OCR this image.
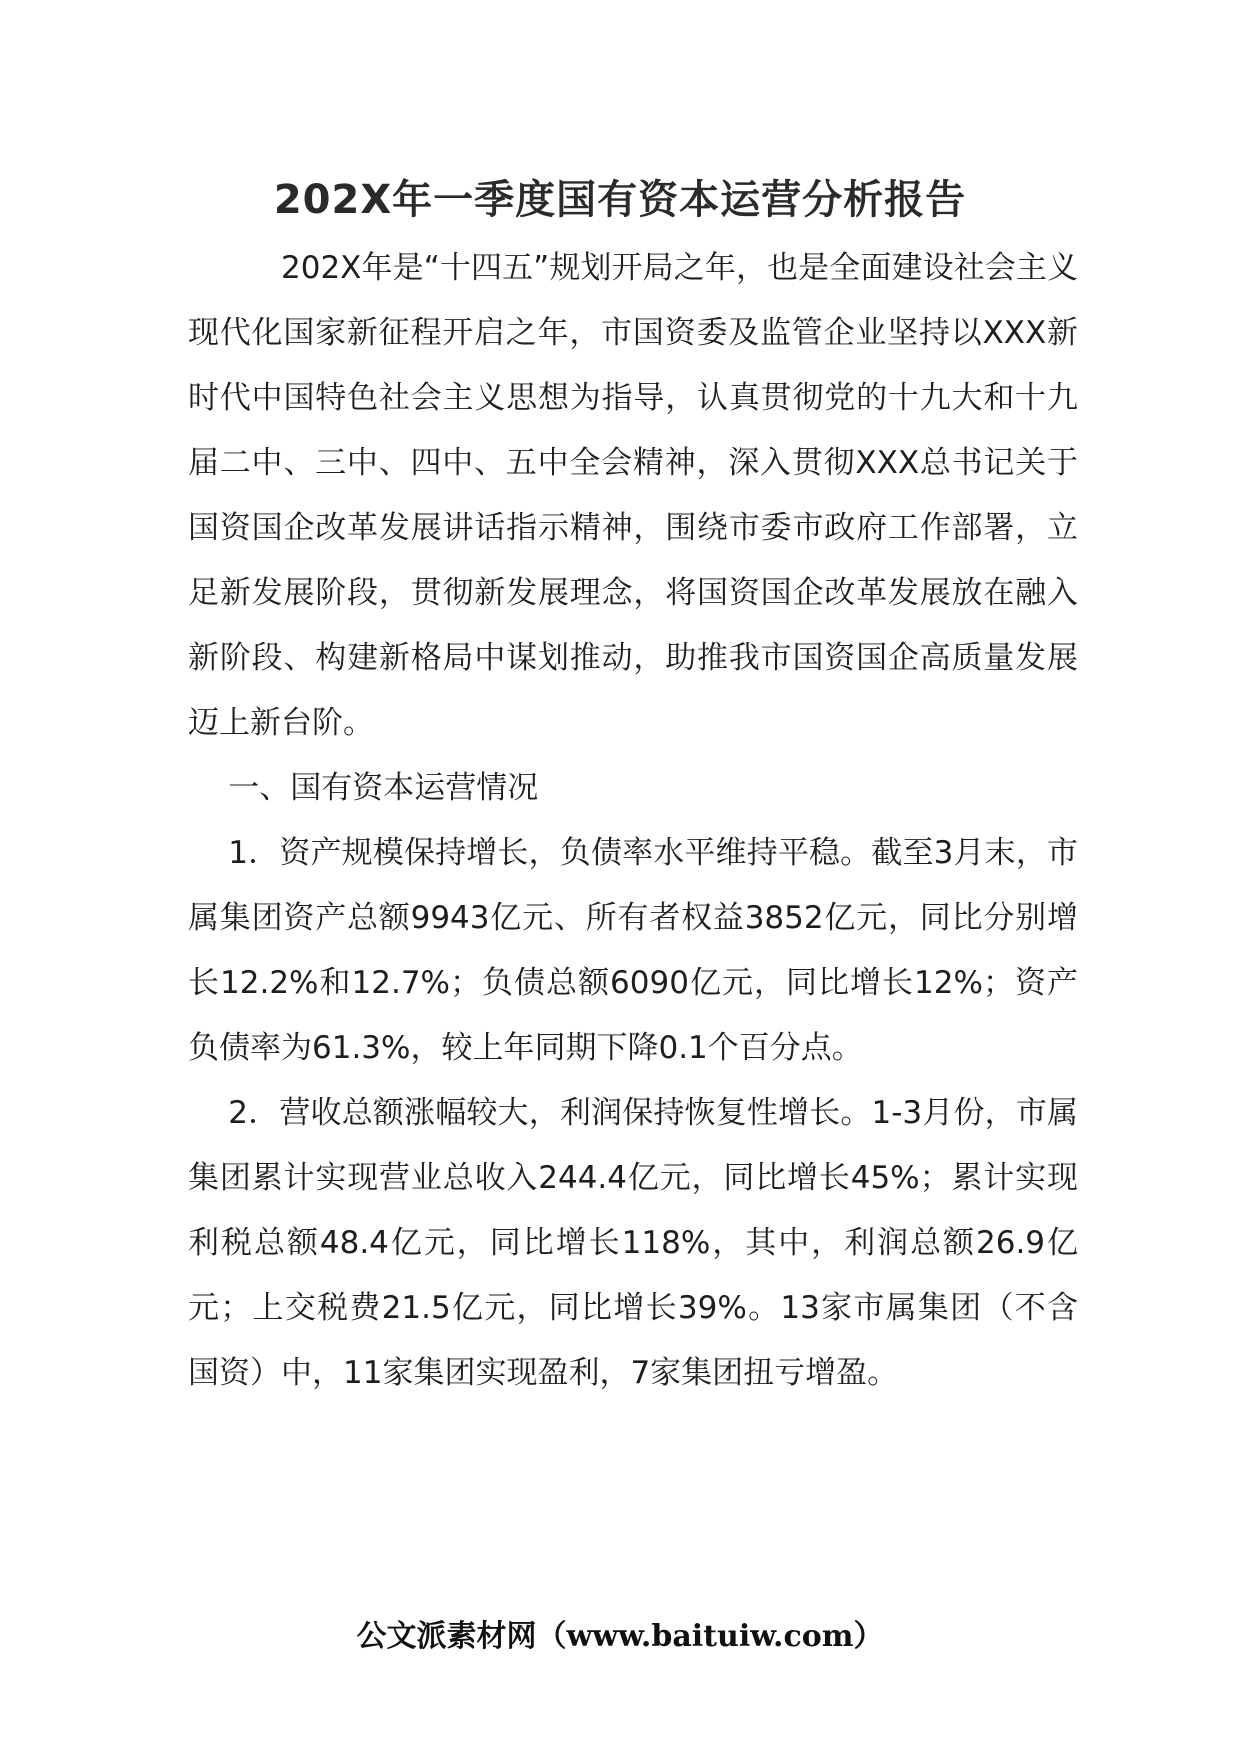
202X年一季度国有资本运营分析报告

202X年是“十四五”规划开局之年，也是全面建设社会主义现代化国家新征程开启之年，市国资委及监管企业坚持以XXX新时代中国特色社会主义思想为指导，认真贯彻党的十九大和十九届二中、三中、四中、五中全会精神，深入贯彻XXX总书记关于国资国企改革发展讲话指示精神，围绕市委市政府工作部署，立足新发展阶段，贯彻新发展理念，将国资国企改革发展放在融入新阶段、构建新格局中谋划推动，助推我市国资国企高质量发展迈上新台阶。

一、国有资本运营情况

1．资产规模保持增长，负债率水平维持平稳。截至3月末，市属集团资产总额9943亿元、所有者权益3852亿元，同比分别增长12.2%和12.7%；负债总额6090亿元，同比增长12%；资产负债率为61.3%，较上年同期下降0.1个百分点。

2．营收总额涨幅较大，利润保持恢复性增长。1-3月份，市属集团累计实现营业总收入244.4亿元，同比增长45%；累计实现利税总额48.4亿元，同比增长118%，其中，利润总额26.9亿元；上交税费21.5亿元，同比增长39%。13家市属集团（不含国资）中，11家集团实现盈利，7家集团扭亏增盈。

公文派素材网（www.baituiw.com）
